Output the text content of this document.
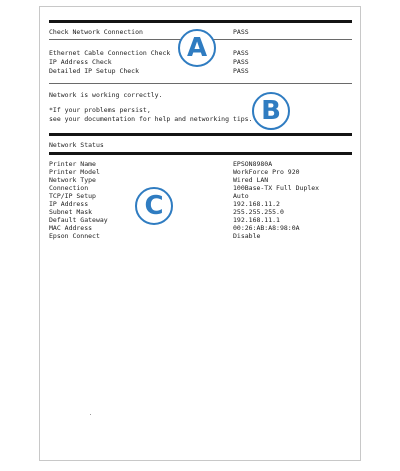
Check Network Connection	PASS
Ethernet Cable Connection Check	PASS
IP Address Check	PASS
Detailed IP Setup Check	PASS
Network is working correctly.
*If your problems persist,
see your documentation for help and networking tips.
Network Status
Printer Name	EPSON8980A
Printer Model	WorkForce Pro 920
Network Type	Wired LAN
Connection	100Base-TX Full Duplex
TCP/IP Setup	Auto
IP Address	192.168.11.2
Subnet Mask	255.255.255.0
Default Gateway	192.168.11.1
MAC Address	00:26:AB:A8:98:0A
Epson Connect	Disable
A
B
C
